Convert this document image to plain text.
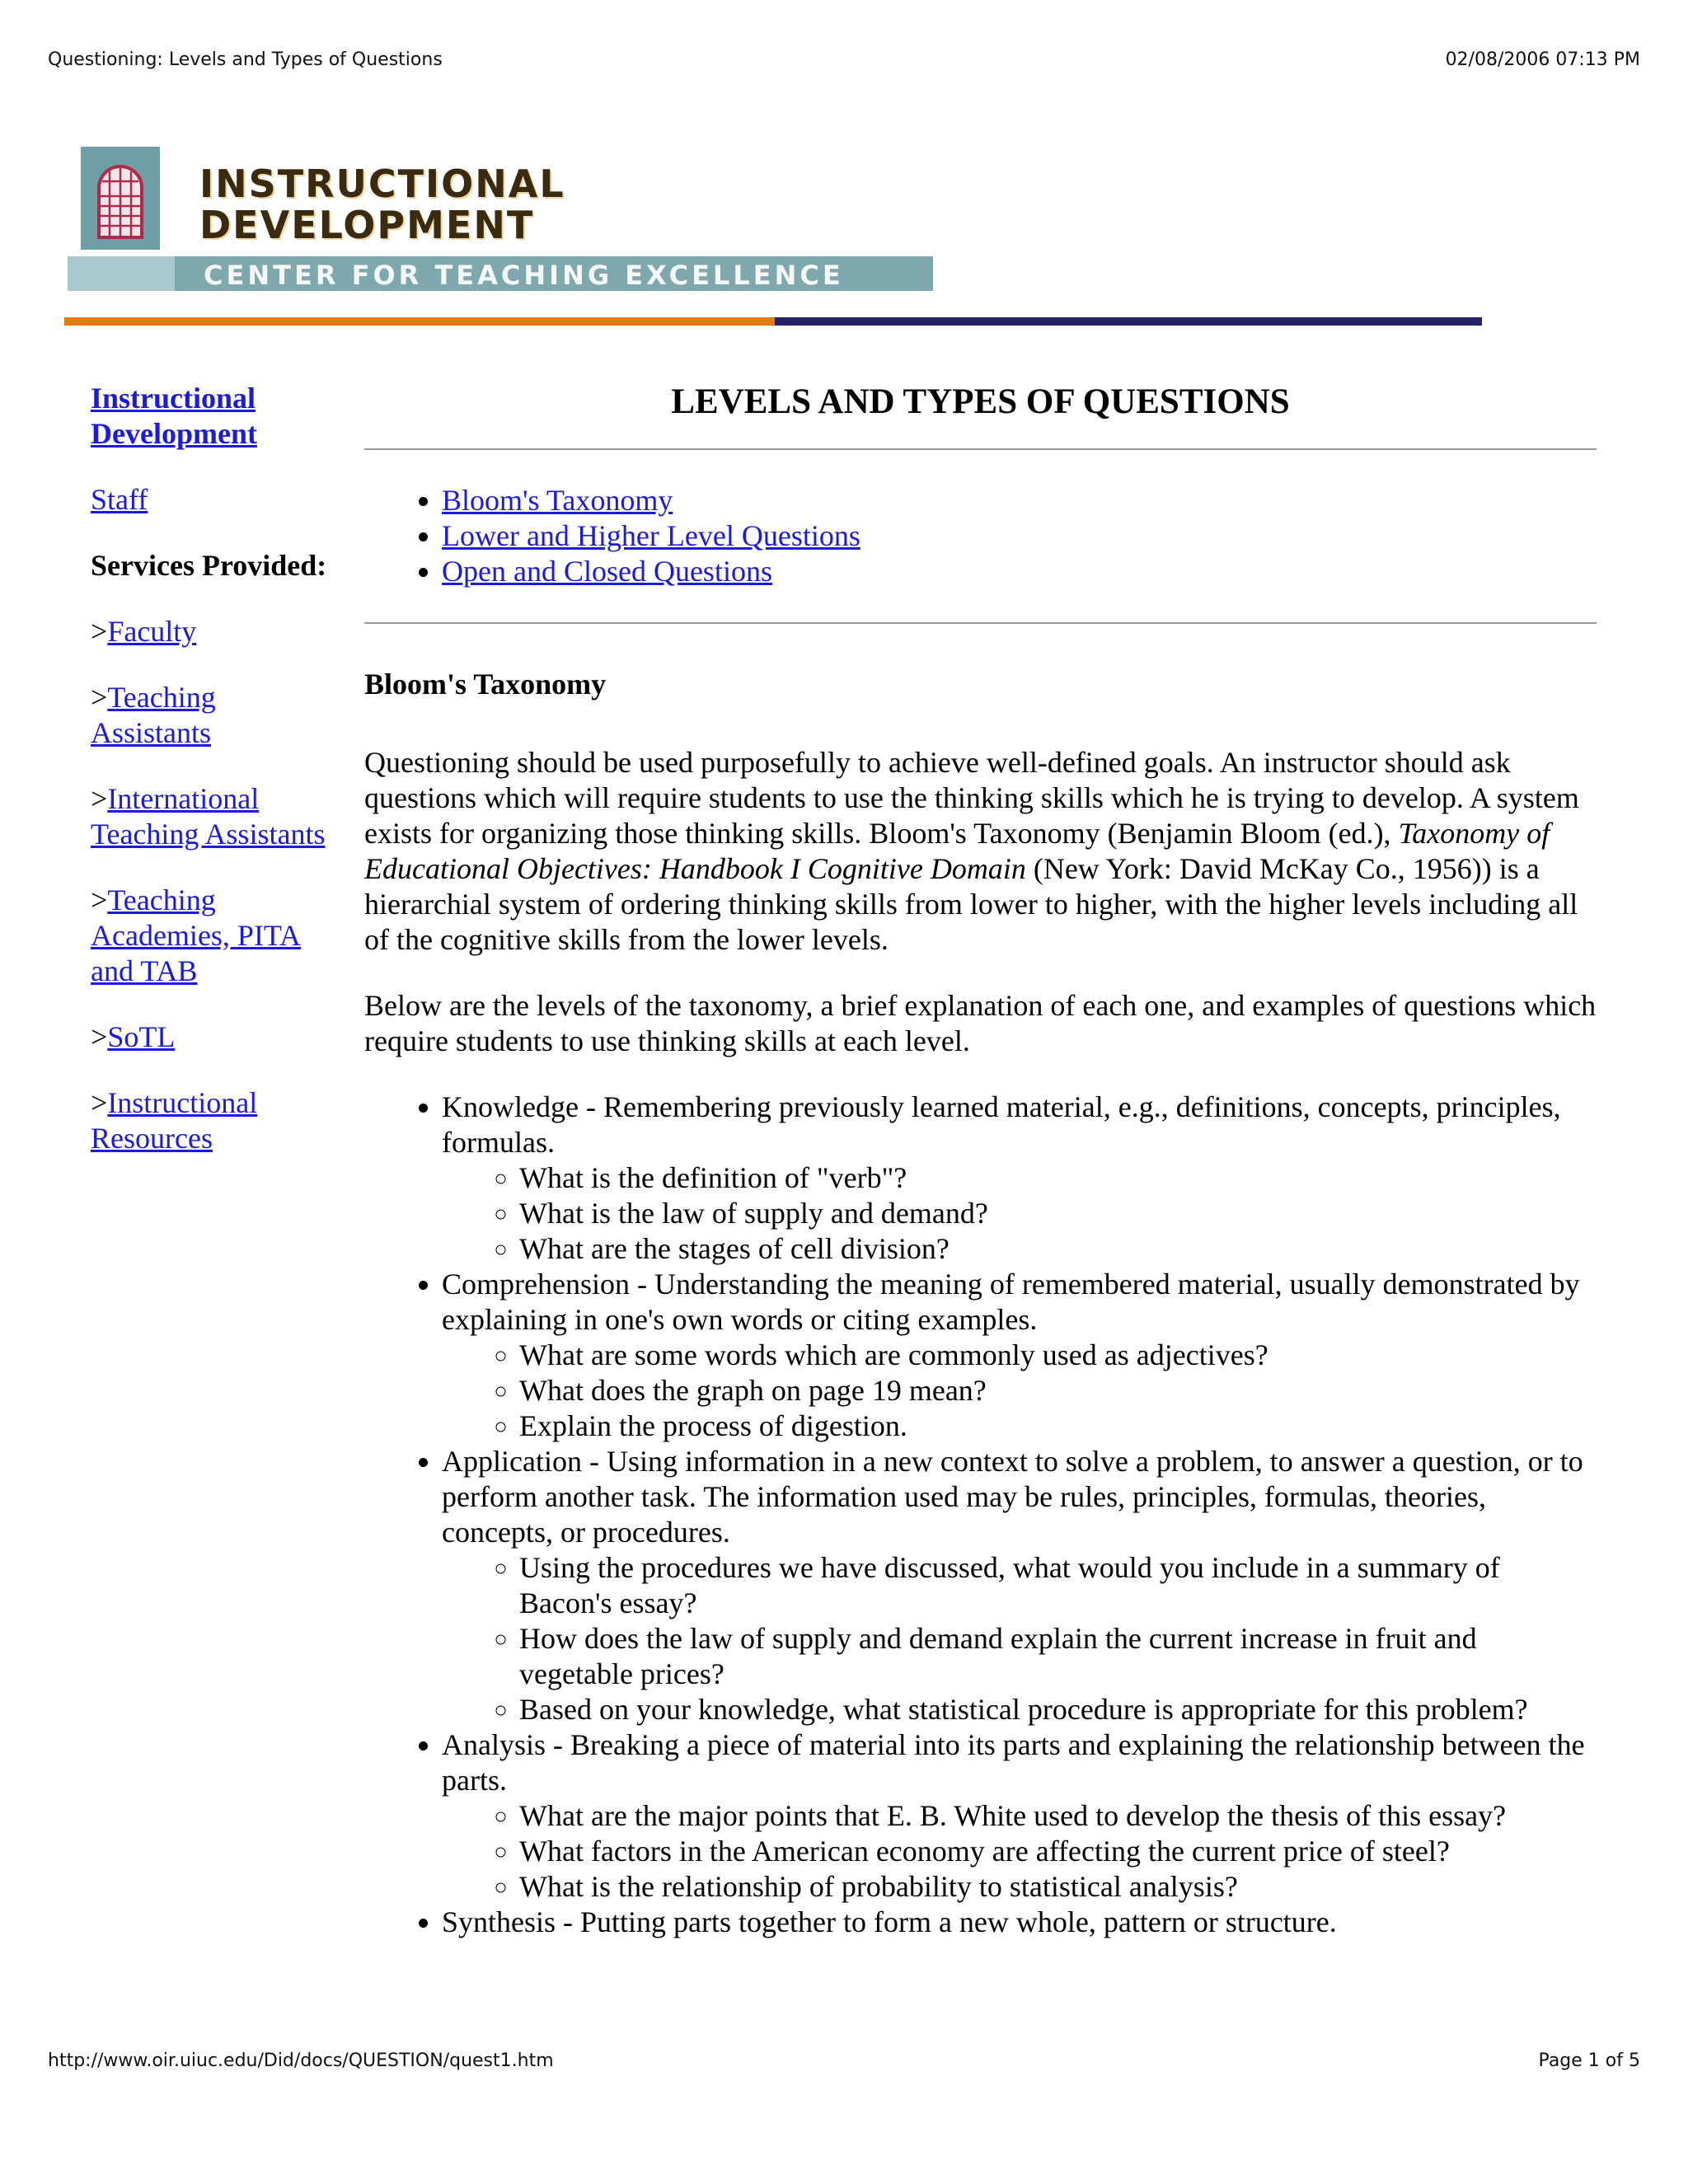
Questioning: Levels and Types of Questions	02/08/2006 07:13 PM
INSTRUCTIONAL
DEVELOPMENT
CENTER FOR TEACHING EXCELLENCE

Instructional Development

Staff

Services Provided:

>Faculty

>Teaching Assistants

>International Teaching Assistants

>Teaching Academies, PITA and TAB

>SoTL

>Instructional Resources

LEVELS AND TYPES OF QUESTIONS
• Bloom's Taxonomy
• Lower and Higher Level Questions
• Open and Closed Questions
Bloom's Taxonomy

Questioning should be used purposefully to achieve well-defined goals. An instructor should ask questions which will require students to use the thinking skills which he is trying to develop. A system exists for organizing those thinking skills. Bloom's Taxonomy (Benjamin Bloom (ed.), Taxonomy of Educational Objectives: Handbook I Cognitive Domain (New York: David McKay Co., 1956)) is a hierarchial system of ordering thinking skills from lower to higher, with the higher levels including all of the cognitive skills from the lower levels.

Below are the levels of the taxonomy, a brief explanation of each one, and examples of questions which require students to use thinking skills at each level.

• Knowledge - Remembering previously learned material, e.g., definitions, concepts, principles, formulas.
◦ What is the definition of "verb"?
◦ What is the law of supply and demand?
◦ What are the stages of cell division?
• Comprehension - Understanding the meaning of remembered material, usually demonstrated by explaining in one's own words or citing examples.
◦ What are some words which are commonly used as adjectives?
◦ What does the graph on page 19 mean?
◦ Explain the process of digestion.
• Application - Using information in a new context to solve a problem, to answer a question, or to perform another task. The information used may be rules, principles, formulas, theories, concepts, or procedures.
◦ Using the procedures we have discussed, what would you include in a summary of Bacon's essay?
◦ How does the law of supply and demand explain the current increase in fruit and vegetable prices?
◦ Based on your knowledge, what statistical procedure is appropriate for this problem?
• Analysis - Breaking a piece of material into its parts and explaining the relationship between the parts.
◦ What are the major points that E. B. White used to develop the thesis of this essay?
◦ What factors in the American economy are affecting the current price of steel?
◦ What is the relationship of probability to statistical analysis?
• Synthesis - Putting parts together to form a new whole, pattern or structure.
http://www.oir.uiuc.edu/Did/docs/QUESTION/quest1.htm	Page 1 of 5
